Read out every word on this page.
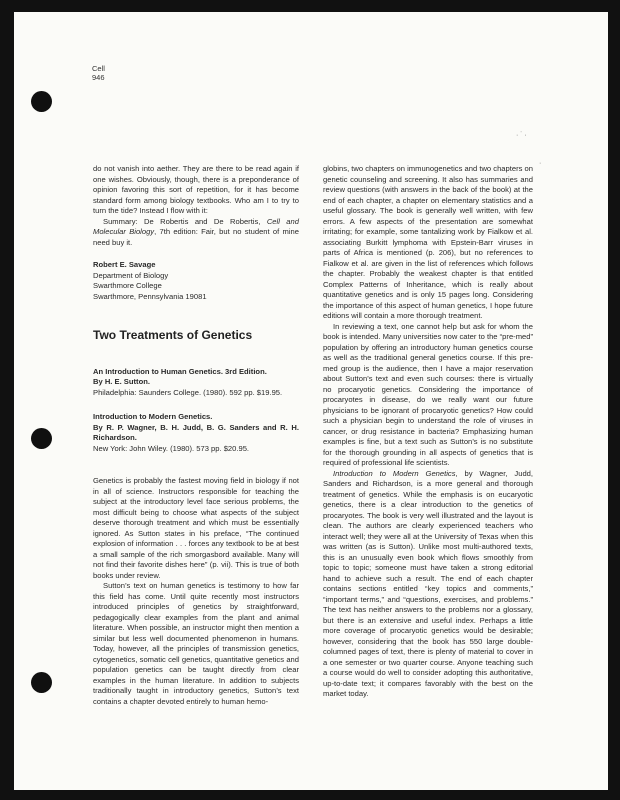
· ˙ ·
·
Cell
946

do not vanish into aether. They are there to be read again if one wishes. Obviously, though, there is a preponderance of opinion favoring this sort of repetition, for it has become standard form among biology textbooks. Who am I to try to turn the tide? Instead I flow with it:

Summary: De Robertis and De Robertis, Cell and Molecular Biology, 7th edition: Fair, but no student of mine need buy it.

Robert E. Savage
Department of Biology
Swarthmore College
Swarthmore, Pennsylvania 19081
Two Treatments of Genetics
An Introduction to Human Genetics. 3rd Edition.
By H. E. Sutton.
Philadelphia: Saunders College. (1980). 592 pp. $19.95.
Introduction to Modern Genetics.
By R. P. Wagner, B. H. Judd, B. G. Sanders and R. H. Richardson.
New York: John Wiley. (1980). 573 pp. $20.95.

Genetics is probably the fastest moving field in biology if not in all of science. Instructors responsible for teaching the subject at the introductory level face serious problems, the most difficult being to choose what aspects of the subject deserve thorough treatment and which must be essentially ignored. As Sutton states in his preface, “The continued explosion of information . . . forces any textbook to be at best a small sample of the rich smorgasbord available. Many will not find their favorite dishes here” (p. vii). This is true of both books under review.

Sutton’s text on human genetics is testimony to how far this field has come. Until quite recently most instructors introduced principles of genetics by straightforward, pedagogically clear examples from the plant and animal literature. When possible, an instructor might then mention a similar but less well documented phenomenon in humans. Today, however, all the principles of transmission genetics, cytogenetics, somatic cell genetics, quantitative genetics and population genetics can be taught directly from clear examples in the human literature. In addition to subjects traditionally taught in introductory genetics, Sutton’s text contains a chapter devoted entirely to human hemo-

globins, two chapters on immunogenetics and two chapters on genetic counseling and screening. It also has summaries and review questions (with answers in the back of the book) at the end of each chapter, a chapter on elementary statistics and a useful glossary. The book is generally well written, with few errors. A few aspects of the presentation are somewhat irritating; for example, some tantalizing work by Fialkow et al. associating Burkitt lymphoma with Epstein-Barr viruses in parts of Africa is mentioned (p. 206), but no references to Fialkow et al. are given in the list of references which follows the chapter. Probably the weakest chapter is that entitled Complex Patterns of Inheritance, which is really about quantitative genetics and is only 15 pages long. Considering the importance of this aspect of human genetics, I hope future editions will contain a more thorough treatment.

In reviewing a text, one cannot help but ask for whom the book is intended. Many universities now cater to the “pre-med” population by offering an introductory human genetics course as well as the traditional general genetics course. If this pre-med group is the audience, then I have a major reservation about Sutton’s text and even such courses: there is virtually no procaryotic genetics. Considering the importance of procaryotes in disease, do we really want our future physicians to be ignorant of procaryotic genetics? How could such a physician begin to understand the role of viruses in cancer, or drug resistance in bacteria? Emphasizing human examples is fine, but a text such as Sutton’s is no substitute for the thorough grounding in all aspects of genetics that is required of professional life scientists.

Introduction to Modern Genetics, by Wagner, Judd, Sanders and Richardson, is a more general and thorough treatment of genetics. While the emphasis is on eucaryotic genetics, there is a clear introduction to the genetics of procaryotes. The book is very well illustrated and the layout is clean. The authors are clearly experienced teachers who interact well; they were all at the University of Texas when this was written (as is Sutton). Unlike most multi-authored texts, this is an unusually even book which flows smoothly from topic to topic; someone must have taken a strong editorial hand to achieve such a result. The end of each chapter contains sections entitled “key topics and comments,” “important terms,” and “questions, exercises, and problems.” The text has neither answers to the problems nor a glossary, but there is an extensive and useful index. Perhaps a little more coverage of procaryotic genetics would be desirable; however, considering that the book has 550 large double-columned pages of text, there is plenty of material to cover in a one semester or two quarter course. Anyone teaching such a course would do well to consider adopting this authoritative, up-to-date text; it compares favorably with the best on the market today.
